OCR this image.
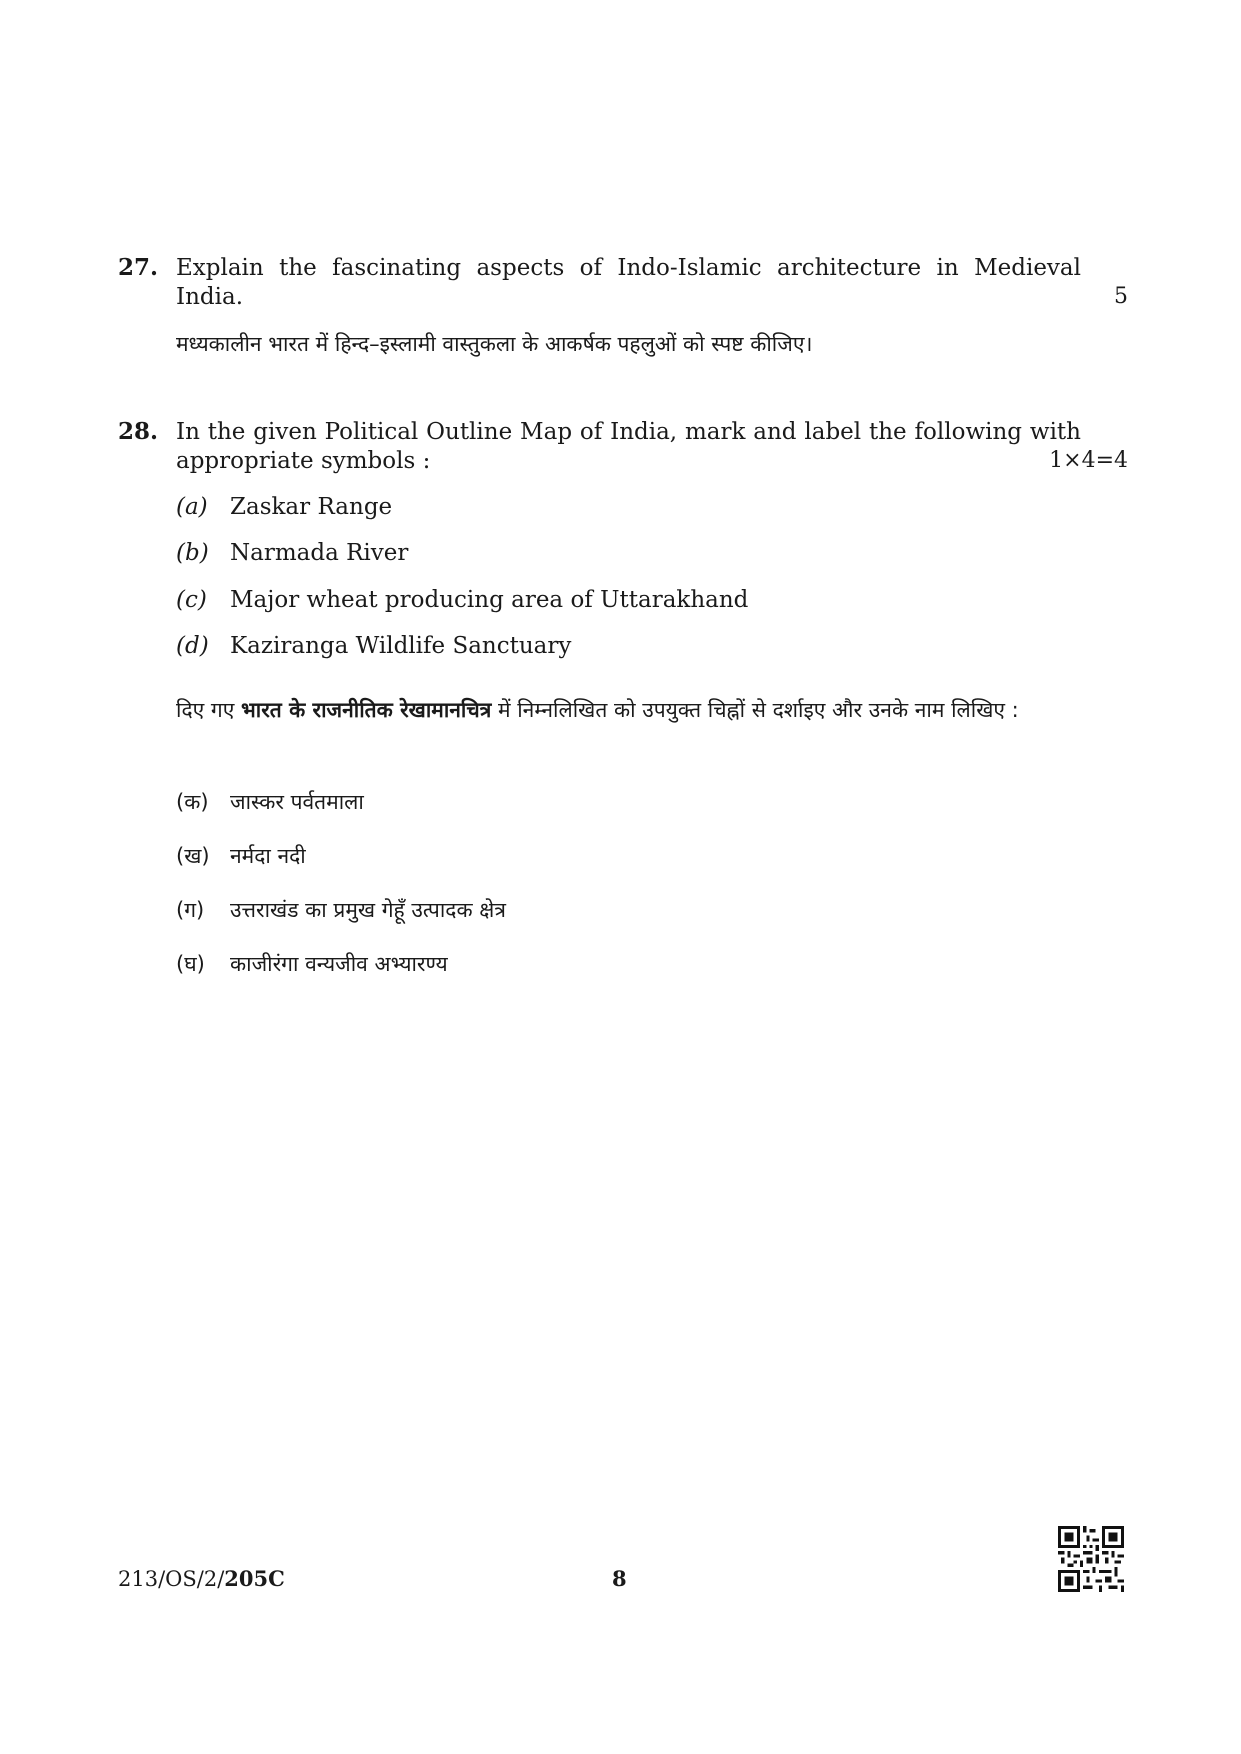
27. Explain the fascinating aspects of Indo-Islamic architecture in Medieval India.	5
मध्यकालीन भारत में हिन्द–इस्लामी वास्तुकला के आकर्षक पहलुओं को स्पष्ट कीजिए।
28. In the given Political Outline Map of India, mark and label the following with appropriate symbols :	1×4=4
(a) Zaskar Range
(b) Narmada River
(c) Major wheat producing area of Uttarakhand
(d) Kaziranga Wildlife Sanctuary
दिए गए भारत के राजनीतिक रेखामानचित्र में निम्नलिखित को उपयुक्त चिह्नों से दर्शाइए और उनके नाम लिखिए :
(क) जास्कर पर्वतमाला
(ख) नर्मदा नदी
(ग) उत्तराखंड का प्रमुख गेहूँ उत्पादक क्षेत्र
(घ) काजीरंगा वन्यजीव अभ्यारण्य
213/OS/2/205C	8
